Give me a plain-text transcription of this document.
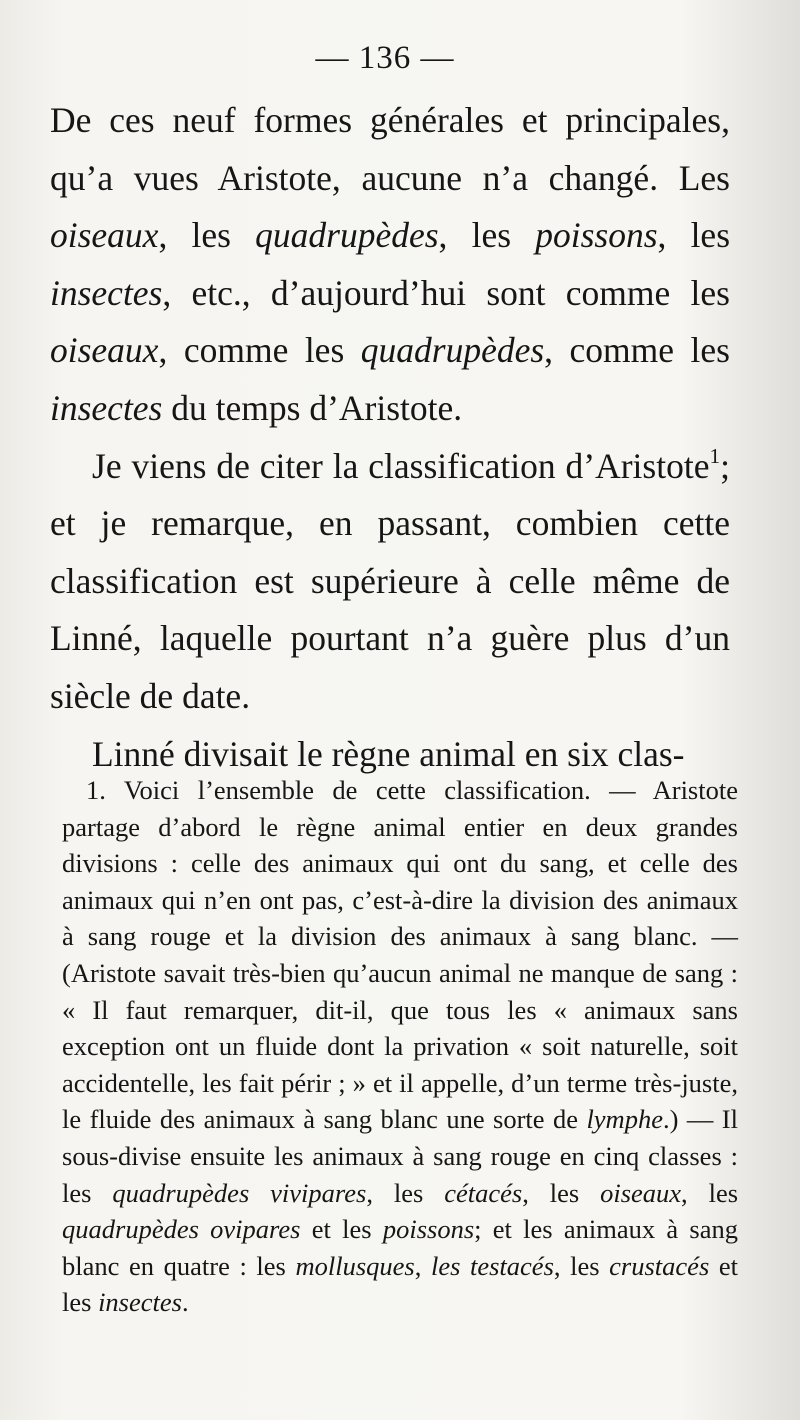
— 136 —

De ces neuf formes générales et principales, qu’a vues Aristote, aucune n’a changé. Les oiseaux, les quadrupèdes, les poissons, les insectes, etc., d’aujourd’hui sont comme les oiseaux, comme les quadrupèdes, comme les insectes du temps d’Aristote.

Je viens de citer la classification d’Aristote$^1$; et je remarque, en passant, combien cette classification est supérieure à celle même de Linné, laquelle pourtant n’a guère plus d’un siècle de date.

Linné divisait le règne animal en six clas-

1. Voici l’ensemble de cette classification. — Aristote partage d’abord le règne animal entier en deux grandes divisions : celle des animaux qui ont du sang, et celle des animaux qui n’en ont pas, c’est-à-dire la division des animaux à sang rouge et la division des animaux à sang blanc. — (Aristote savait très-bien qu’aucun animal ne manque de sang : « Il faut remarquer, dit-il, que tous les « animaux sans exception ont un fluide dont la privation « soit naturelle, soit accidentelle, les fait périr ; » et il appelle, d’un terme très-juste, le fluide des animaux à sang blanc une sorte de lymphe.) — Il sous-divise ensuite les animaux à sang rouge en cinq classes : les quadrupèdes vivipares, les cétacés, les oiseaux, les quadrupèdes ovipares et les poissons; et les animaux à sang blanc en quatre : les mollusques, les testacés, les crustacés et les insectes.
